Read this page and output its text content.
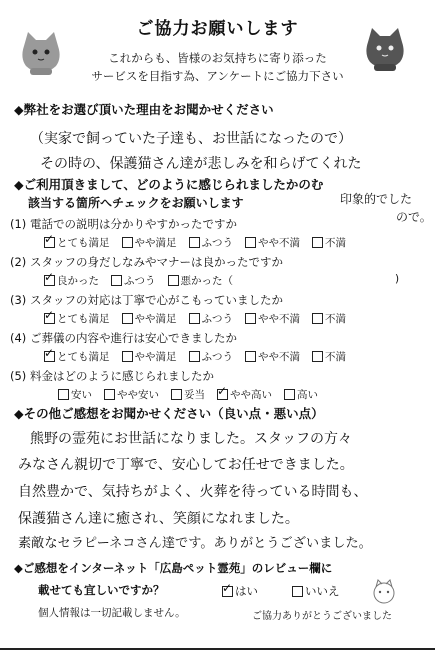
ご協力お願いします
これからも、皆様のお気持ちに寄り添った
サービスを目指す為、アンケートにご協力下さい
◆弊社をお選び頂いた理由をお聞かせください
（実家で飼っていた子達も、お世話になったので）
その時の、保護猫さん達が悲しみを和らげてくれた
◆ご利用頂きまして、どのように感じられましたかのむ
該当する箇所へチェックをお願いします	印象的でした
ので。
(1) 電話での説明は分かりやすかったですか
✓
とても満足 やや満足 ふつう やや不満 不満
(2) スタッフの身だしなみやマナーは良かったですか
✓
良かった ふつう 悪かった（	)
(3) スタッフの対応は丁寧で心がこもっていましたか
✓
とても満足 やや満足 ふつう やや不満 不満
(4) ご葬儀の内容や進行は安心できましたか
✓
とても満足 やや満足 ふつう やや不満 不満
(5) 料金はどのように感じられましたか
安い やや安い 妥当 ✓ やや高い 高い
◆その他ご感想をお聞かせください（良い点・悪い点）
熊野の霊苑にお世話になりました。スタッフの方々
みなさん親切で丁寧で、安心してお任せできました。
自然豊かで、気持ちがよく、火葬を待っている時間も、
保護猫さん達に癒され、笑顔になれました。
素敵なセラピーネコさん達です。ありがとうございました。
◆ご感想をインターネット「広島ペット霊苑」のレビュー欄に
載せても宜しいですか？ ✓	はい	いいえ
個人情報は一切記載しません。	ご協力ありがとうございました
